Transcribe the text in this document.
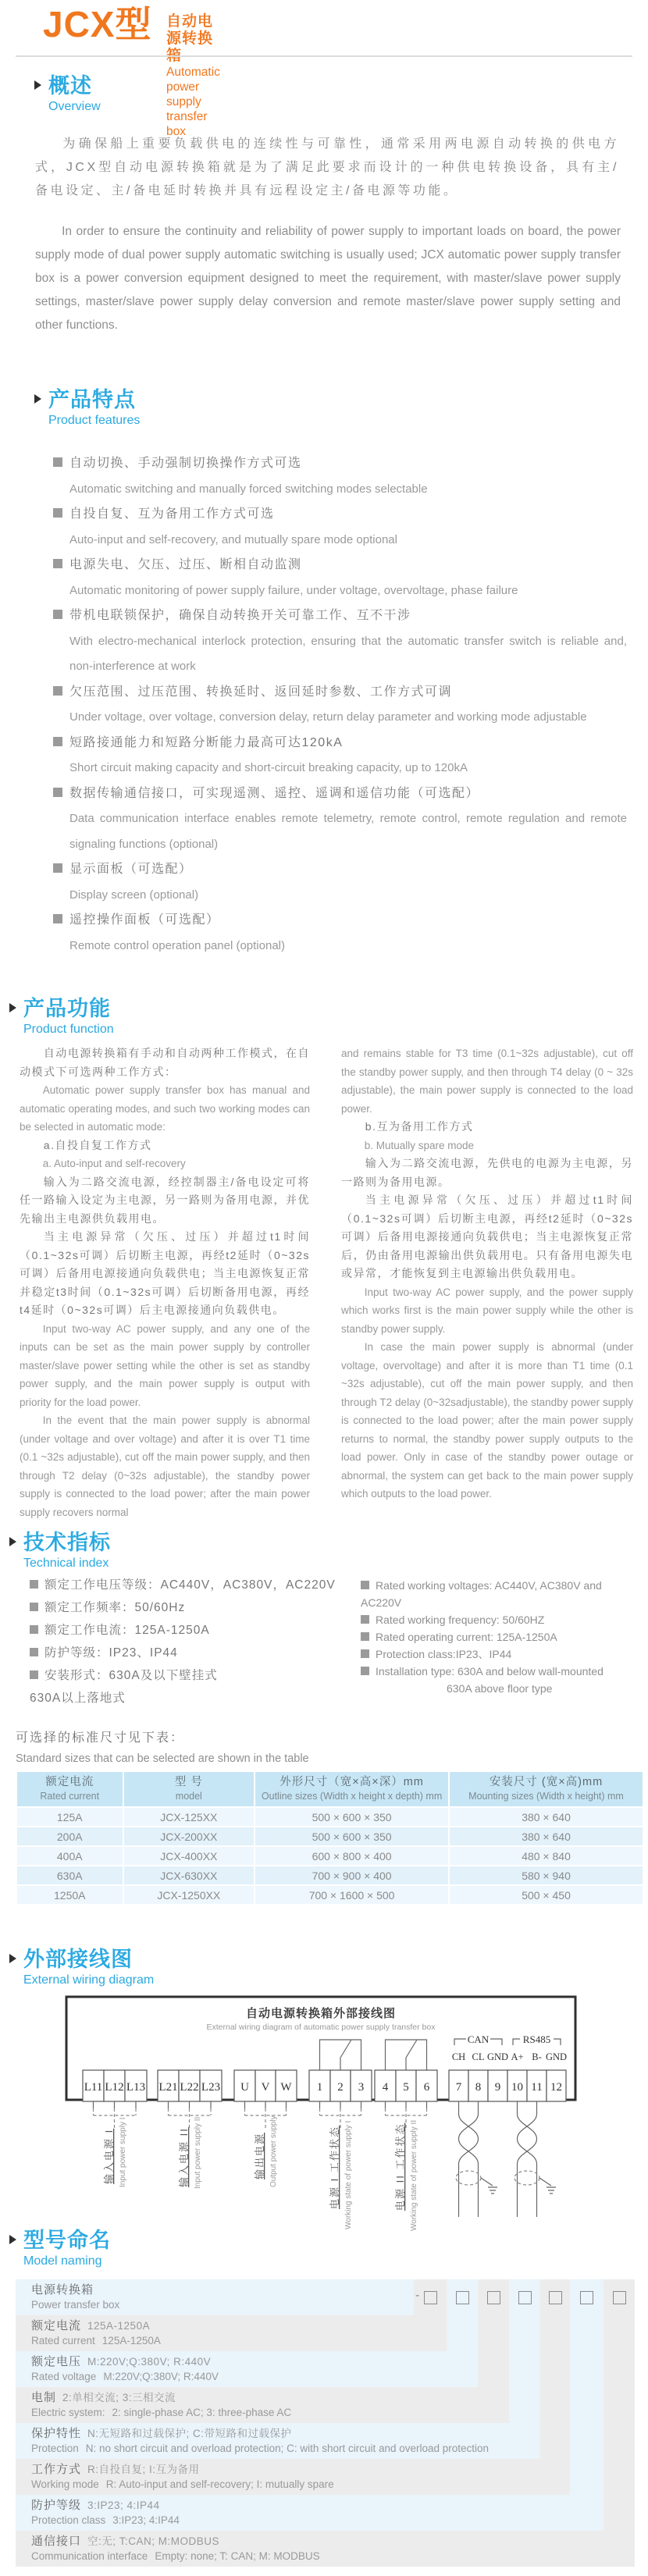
JCX型 自动电源转换箱
Automatic power supply transfer box
概述
Overview
为确保船上重要负载供电的连续性与可靠性，通常采用两电源自动转换的供电方式，JCX型自动电源转换箱就是为了满足此要求而设计的一种供电转换设备，具有主/备电设定、主/备电延时转换并具有远程设定主/备电源等功能。
In order to ensure the continuity and reliability of power supply to important loads on board, the power supply mode of dual power supply automatic switching is usually used; JCX automatic power supply transfer box is a power conversion equipment designed to meet the requirement, with master/slave power supply settings, master/slave power supply delay conversion and remote master/slave power supply setting and other functions.
产品特点
Product features
自动切换、手动强制切换操作方式可选

Automatic switching and manually forced switching modes selectable

自投自复、互为备用工作方式可选

Auto-input and self-recovery, and mutually spare mode optional

电源失电、欠压、过压、断相自动监测

Automatic monitoring of power supply failure, under voltage, overvoltage, phase failure

带机电联锁保护，确保自动转换开关可靠工作、互不干涉

With electro-mechanical interlock protection, ensuring that the automatic transfer switch is reliable and, non-interference at work

欠压范围、过压范围、转换延时、返回延时参数、工作方式可调

Under voltage, over voltage, conversion delay, return delay parameter and working mode adjustable

短路接通能力和短路分断能力最高可达120kA

Short circuit making capacity and short-circuit breaking capacity, up to 120kA

数据传输通信接口，可实现遥测、遥控、遥调和遥信功能（可选配）

Data communication interface enables remote telemetry, remote control, remote regulation and remote signaling functions (optional)

显示面板（可选配）

Display screen (optional)

遥控操作面板（可选配）

Remote control operation panel (optional)

产品功能
Product function

自动电源转换箱有手动和自动两种工作模式，在自动模式下可选两种工作方式：

Automatic power supply transfer box has manual and automatic operating modes, and such two working modes can be selected in automatic mode:

a.自投自复工作方式

a. Auto-input and self-recovery

输入为二路交流电源，经控制器主/备电设定可将任一路输入设定为主电源，另一路则为备用电源，并优先输出主电源供负载用电。

当主电源异常（欠压、过压）并超过t1时间（0.1~32s可调）后切断主电源，再经t2延时（0~32s可调）后备用电源接通向负载供电；当主电源恢复正常并稳定t3时间（0.1~32s可调）后切断备用电源，再经t4延时（0~32s可调）后主电源接通向负载供电。

Input two-way AC power supply, and any one of the inputs can be set as the main power supply by controller master/slave power setting while the other is set as standby power supply, and the main power supply is output with priority for the load power.

In the event that the main power supply is abnormal (under voltage and over voltage) and after it is over T1 time (0.1 ~32s adjustable), cut off the main power supply, and then through T2 delay (0~32s adjustable), the standby power supply is connected to the load power; after the main power supply recovers normal

and remains stable for T3 time (0.1~32s adjustable), cut off the standby power supply, and then through T4 delay (0 ~ 32s adjustable), the main power supply is connected to the load power.

b.互为备用工作方式

b. Mutually spare mode

输入为二路交流电源，先供电的电源为主电源，另一路则为备用电源。

当主电源异常（欠压、过压）并超过t1时间（0.1~32s可调）后切断主电源，再经t2延时（0~32s可调）后备用电源接通向负载供电；当主电源恢复正常后，仍由备用电源输出供负载用电。只有备用电源失电或异常，才能恢复到主电源输出供负载用电。

Input two-way AC power supply, and the power supply which works first is the main power supply while the other is standby power supply.

In case the main power supply is abnormal (under voltage, overvoltage) and after it is more than T1 time (0.1 ~32s adjustable), cut off the main power supply, and then through T2 delay (0~32sadjustable), the standby power supply is connected to the load power; after the main power supply returns to normal, the standby power supply outputs to the load power. Only in case of the standby power outage or abnormal, the system can get back to the main power supply which outputs to the load power.

技术指标
Technical index
额定工作电压等级：AC440V，AC380V，AC220V
额定工作频率：50/60Hz
额定工作电流：125A-1250A
防护等级：IP23、IP44
安装形式：630A及以下壁挂式
630A以上落地式
Rated working voltages: AC440V, AC380V and AC220V
Rated working frequency: 50/60HZ
Rated operating current: 125A-1250A
Protection class:IP23、IP44
Installation type: 630A and below wall-mounted
630A above floor type
可选择的标准尺寸见下表：
Standard sizes that can be selected are shown in the table
额定电流
Rated current

型 号
model

外形尺寸（宽×高×深）mm
Outline sizes (Width x height x depth) mm

安装尺寸 (宽×高)mm
Mounting sizes (Width x height) mm

125A	JCX-125XX	500 × 600 × 350	380 × 640
200A	JCX-200XX	500 × 600 × 350	380 × 640
400A	JCX-400XX	600 × 800 × 400	480 × 840
630A	JCX-630XX	700 × 900 × 400	580 × 940
1250A	JCX-1250XX	700 × 1600 × 500	500 × 450
外部接线图
External wiring diagram
自动电源转换箱外部接线图
External wiring diagram of automatic power supply transfer box
CAN	RS485
CH CL GND A+ B- GND
L11 L12 L13 L21 L22 L23 U V W 1 2 3 4 5 6 7 8 9 10 11 12
输入电源 I Input power supply I	输入电源 II Input power supply II	输出电源 Output power supply	电源 I 工作状态 Working state of power supply I	电源 II 工作状态 Working state of power supply II
型号命名
Model naming
-
电源转换箱
Power transfer box
额定电流 125A-1250A
Rated current 125A-1250A
额定电压 M:220V;Q:380V; R:440V
Rated voltage M:220V;Q:380V; R:440V
电制 2:单相交流; 3:三相交流
Electric system: 2: single-phase AC; 3: three-phase AC
保护特性 N:无短路和过载保护; C:带短路和过载保护
Protection N: no short circuit and overload protection; C: with short circuit and overload protection
工作方式 R:自投自复; I:互为备用
Working mode R: Auto-input and self-recovery; I: mutually spare
防护等级 3:IP23; 4:IP44
Protection class 3:IP23; 4:IP44
通信接口 空:无; T:CAN; M:MODBUS
Communication interface Empty: none; T: CAN; M: MODBUS
